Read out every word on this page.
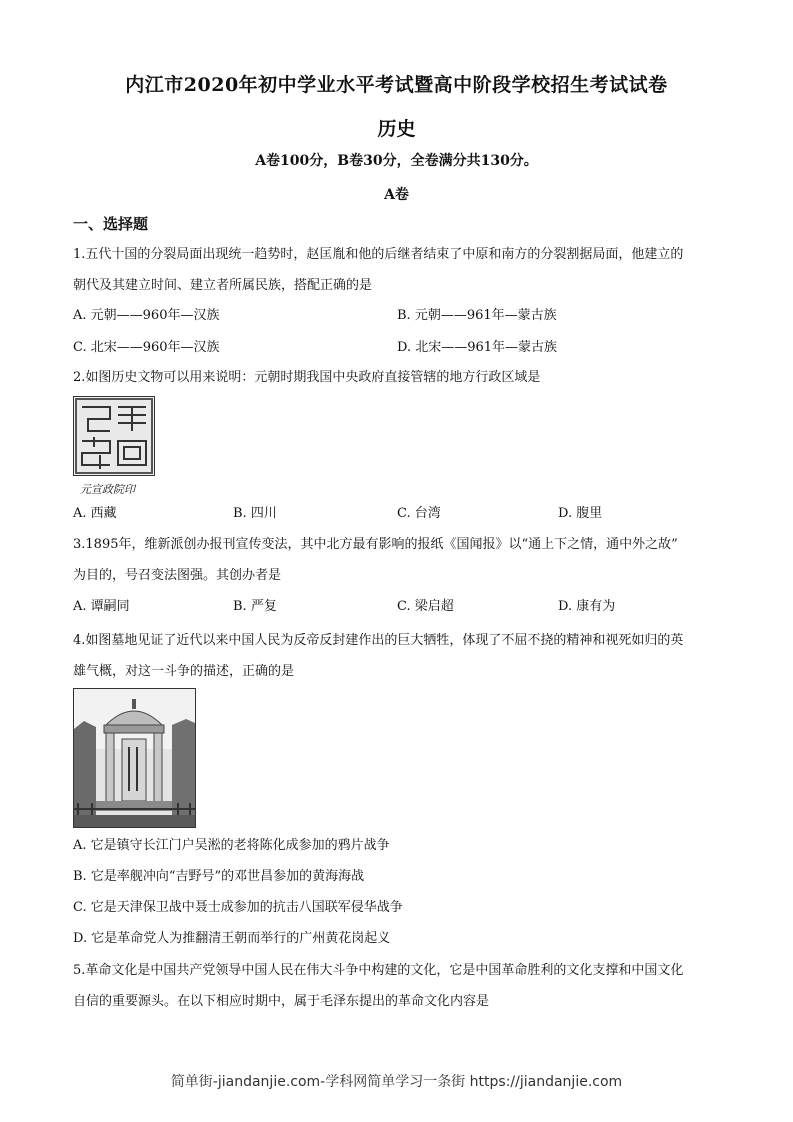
内江市2020年初中学业水平考试暨高中阶段学校招生考试试卷
历史
A卷100分，B卷30分，全卷满分共130分。
A卷
一、选择题
1.五代十国的分裂局面出现统一趋势时，赵匡胤和他的后继者结束了中原和南方的分裂割据局面，他建立的
朝代及其建立时间、建立者所属民族，搭配正确的是
A. 元朝——960年—汉族	B. 元朝——961年—蒙古族
C. 北宋——960年—汉族	D. 北宋——961年—蒙古族
2.如图历史文物可以用来说明：元朝时期我国中央政府直接管辖的地方行政区域是
元宣政院印
A. 西藏	B. 四川	C. 台湾	D. 腹里
3.1895年，维新派创办报刊宣传变法，其中北方最有影响的报纸《国闻报》以“通上下之情，通中外之故”
为目的，号召变法图强。其创办者是
A. 谭嗣同	B. 严复	C. 梁启超	D. 康有为
4.如图墓地见证了近代以来中国人民为反帝反封建作出的巨大牺牲，体现了不屈不挠的精神和视死如归的英
雄气概，对这一斗争的描述，正确的是
A. 它是镇守长江门户吴淞的老将陈化成参加的鸦片战争
B. 它是率舰冲向“吉野号”的邓世昌参加的黄海海战
C. 它是天津保卫战中聂士成参加的抗击八国联军侵华战争
D. 它是革命党人为推翻清王朝而举行的广州黄花岗起义
5.革命文化是中国共产党领导中国人民在伟大斗争中构建的文化，它是中国革命胜利的文化支撑和中国文化
自信的重要源头。在以下相应时期中，属于毛泽东提出的革命文化内容是
简单街-jiandanjie.com-学科网简单学习一条街 https://jiandanjie.com
